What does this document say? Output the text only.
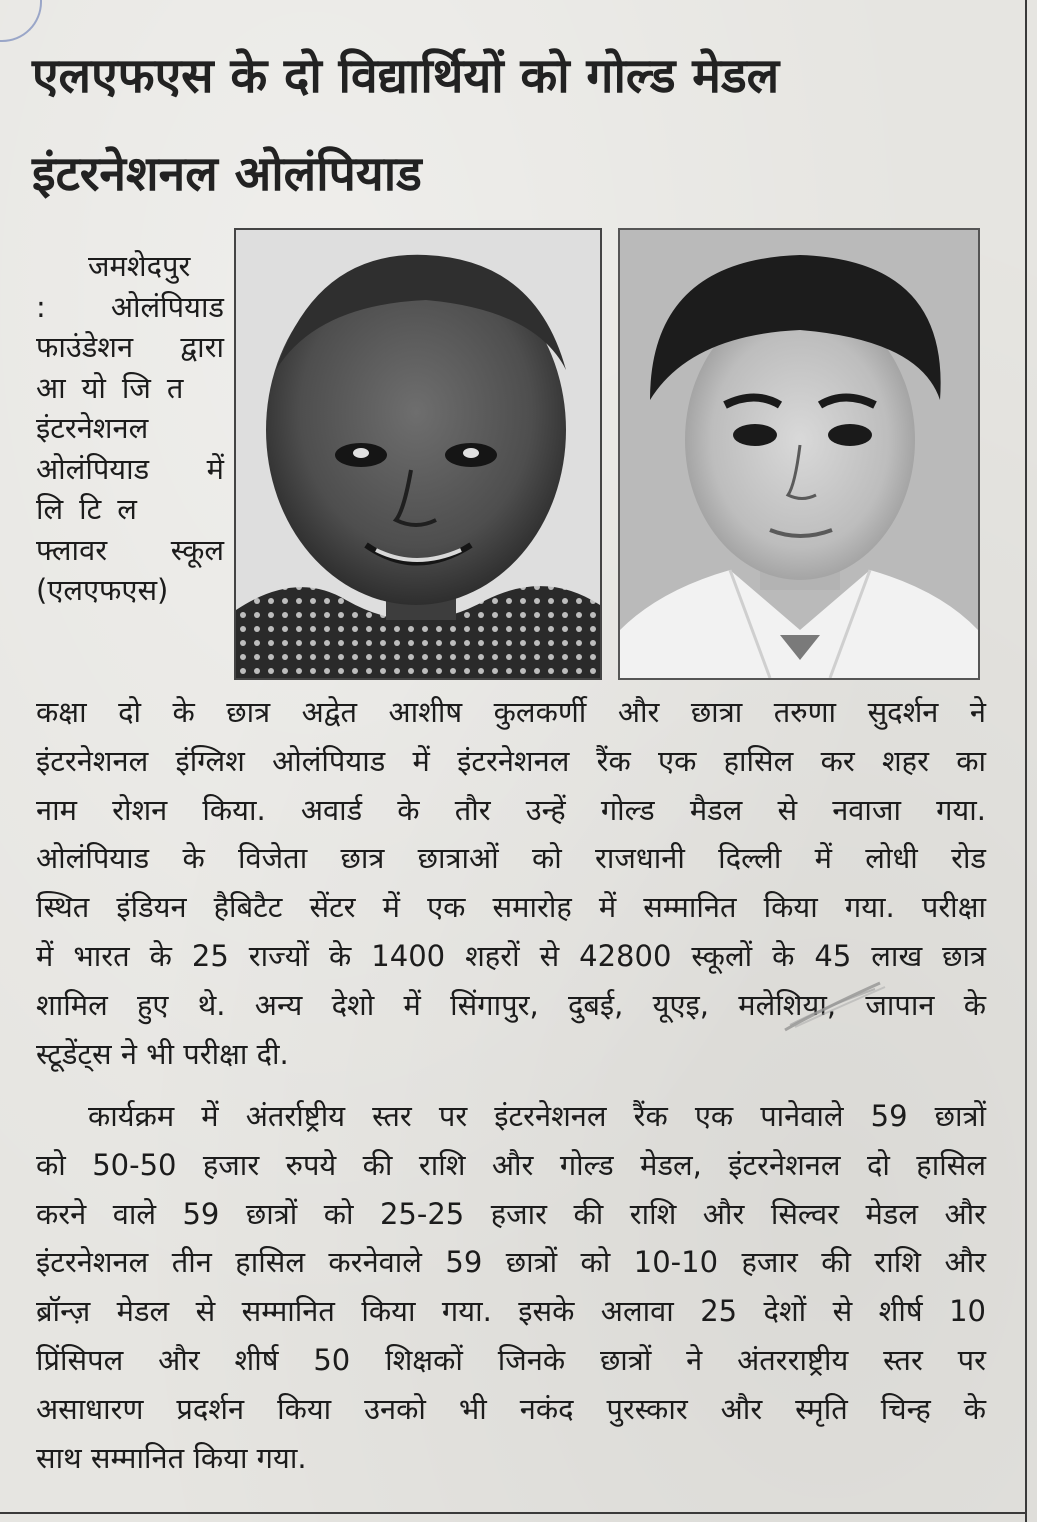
एलएफएस के दो विद्यार्थियों को गोल्ड मेडल
इंटरनेशनल ओलंपियाड
जमशेदपुर
: ओलंपियाड
फाउंडेशन द्वारा
आयोजित
इंटरनेशनल
ओलंपियाड में
लिटिल
फ्लावर स्कूल
(एलएफएस)
कक्षा दो के छात्र अद्वेत आशीष कुलकर्णी और छात्रा तरुणा सुदर्शन ने
इंटरनेशनल इंग्लिश ओलंपियाड में इंटरनेशनल रैंक एक हासिल कर शहर का
नाम रोशन किया. अवार्ड के तौर उन्हें गोल्ड मैडल से नवाजा गया.
ओलंपियाड के विजेता छात्र छात्राओं को राजधानी दिल्ली में लोधी रोड
स्थित इंडियन हैबिटैट सेंटर में एक समारोह में सम्मानित किया गया. परीक्षा
में भारत के 25 राज्यों के 1400 शहरों से 42800 स्कूलों के 45 लाख छात्र
शामिल हुए थे. अन्य देशो में सिंगापुर, दुबई, यूएइ, मलेशिया, जापान के
स्टूडेंट्स ने भी परीक्षा दी.
कार्यक्रम में अंतर्राष्ट्रीय स्तर पर इंटरनेशनल रैंक एक पानेवाले 59 छात्रों
को 50-50 हजार रुपये की राशि और गोल्ड मेडल, इंटरनेशनल दो हासिल
करने वाले 59 छात्रों को 25-25 हजार की राशि और सिल्वर मेडल और
इंटरनेशनल तीन हासिल करनेवाले 59 छात्रों को 10-10 हजार की राशि और
ब्रॉन्ज़ मेडल से सम्मानित किया गया. इसके अलावा 25 देशों से शीर्ष 10
प्रिंसिपल और शीर्ष 50 शिक्षकों जिनके छात्रों ने अंतरराष्ट्रीय स्तर पर
असाधारण प्रदर्शन किया उनको भी नकंद पुरस्कार और स्मृति चिन्ह के
साथ सम्मानित किया गया.
